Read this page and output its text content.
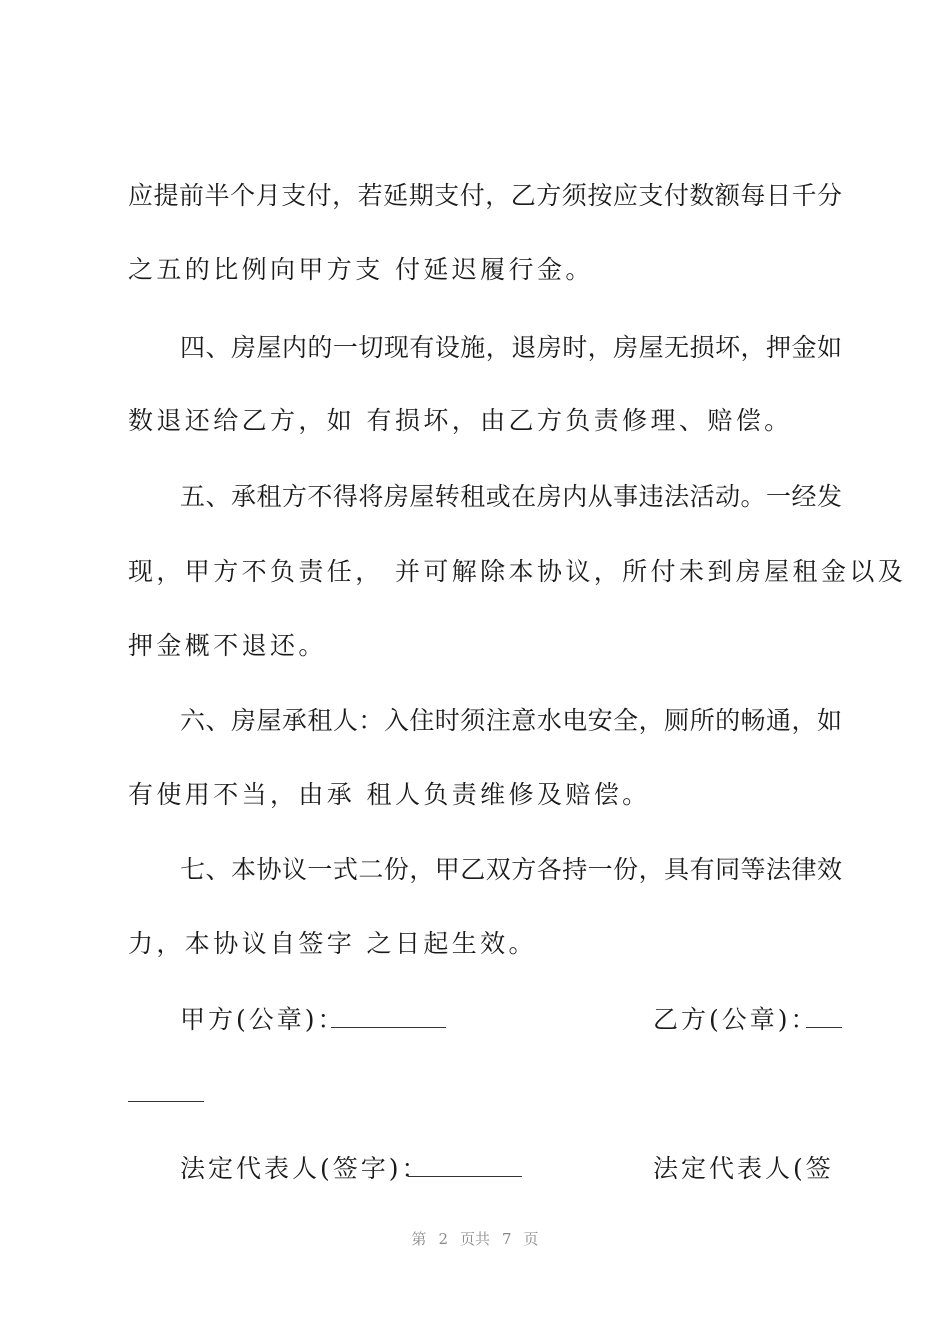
应提前半个月支付，若延期支付，乙方须按应支付数额每日千分
之五的比例向甲方支 付延迟履行金。
四、房屋内的一切现有设施，退房时，房屋无损坏，押金如
数退还给乙方，如 有损坏，由乙方负责修理、赔偿。
五、承租方不得将房屋转租或在房内从事违法活动。一经发
现，甲方不负责任， 并可解除本协议，所付未到房屋租金以及
押金概不退还。
六、房屋承租人：入住时须注意水电安全，厕所的畅通，如
有使用不当，由承 租人负责维修及赔偿。
七、本协议一式二份，甲乙双方各持一份，具有同等法律效
力，本协议自签字 之日起生效。
甲方(公章)：	乙方(公章)：
法定代表人(签字)：	法定代表人(签
第 2 页共 7 页
